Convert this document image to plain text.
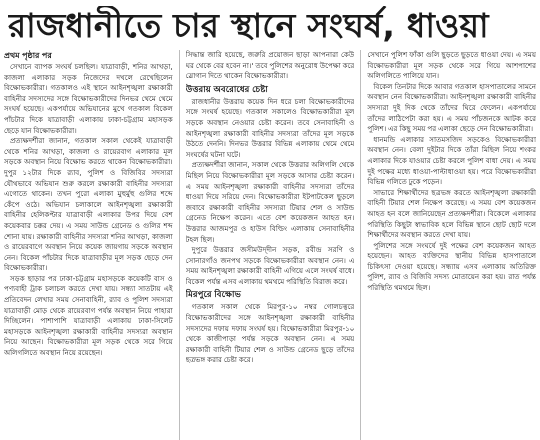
রাজধানীতে চার স্থানে সংঘর্ষ, ধাওয়া
প্রথম পৃষ্ঠার পর

সেখানে ব্যাপক সংঘর্ষ চলছিল। যাত্রাবাড়ী, শনির আখড়া, কাজলা এলাকার সড়ক নিজেদের দখলে রেখেছিলেন বিক্ষোভকারীরা। গতকালও এই স্থানে আইনশৃঙ্খলা রক্ষাকারী বাহিনীর সদস্যদের সঙ্গে বিক্ষোভকারীদের দিনভর থেমে থেমে সংঘর্ষ হয়েছে। একপর্যায়ে অভিযানের মুখে গতকাল বিকেল পাঁচটার দিকে যাত্রাবাড়ী এলাকায় ঢাকা-চট্টগ্রাম মহাসড়ক ছেড়ে যান বিক্ষোভকারীরা।

প্রত্যক্ষদর্শীরা জানান, গতকাল সকাল থেকেই যাত্রাবাড়ী থেকে শনির আখড়া, কাজলা ও রায়েরবাগ এলাকার মূল সড়কে অবস্থান নিয়ে বিক্ষোভ করতে থাকেন বিক্ষোভকারীরা। দুপুর ১২টার দিকে র‍্যাব, পুলিশ ও বিজিবির সদস্যরা যৌথভাবে অভিযান শুরু করলে রক্ষাকারী বাহিনীর সদস্যরা এগোতে থাকেন। তখন পুরো এলাকা মুহুর্মুহু গুলির শব্দে কেঁপে ওঠে। অভিযান চলাকালে আইনশৃঙ্খলা রক্ষাকারী বাহিনীর হেলিকপ্টার যাত্রাবাড়ী এলাকার উপর দিয়ে বেশ কয়েকবার চক্কর দেয়। এ সময় সাউন্ড গ্রেনেড ও গুলির শব্দ শোনা যায়। রক্ষাকারী বাহিনীর সদস্যরা শনির আখড়া, কাজলা ও রায়েরবাগে অবস্থান নিয়ে কয়েক জায়গায় সড়কে অবস্থান নেন। বিকেল পাঁচটার দিকে যাত্রাবাড়ীর মূল সড়ক ছেড়ে দেন বিক্ষোভকারীরা।

সড়ক ছাড়ার পর ঢাকা-চট্টগ্রাম মহাসড়কে কয়েকটি বাস ও পণ্যবাহী ট্রাক চলাচল করতে দেখা যায়। সন্ধ্যা সাতটায় এই প্রতিবেদন লেখার সময় সেনাবাহিনী, র‍্যাব ও পুলিশ সদস্যরা যাত্রাবাড়ী মোড় থেকে রায়েরবাগ পর্যন্ত অবস্থান নিয়ে পাহারা দিচ্ছিলেন। পাশাপাশি যাত্রাবাড়ী এলাকায় ঢাকা-সিলেট মহাসড়কে আইনশৃঙ্খলা রক্ষাকারী বাহিনীর সদস্যরা অবস্থান নিয়ে আছেন। বিক্ষোভকারীরা মূল সড়ক থেকে সরে গিয়ে অলিগলিতে অবস্থান নিয়ে রয়েছেন।

সিদ্ধান্ত জারি হয়েছে, জরুরি প্রয়োজন ছাড়া আপনারা কেউ ঘর থেকে বের হবেন না।' তবে পুলিশের অনুরোধ উপেক্ষা করে স্লোগান দিতে থাকেন বিক্ষোভকারীরা।

উত্তরায় অবরোধের চেষ্টা

রাজধানীর উত্তরায় কয়েক দিন ধরে চলা বিক্ষোভকারীদের সঙ্গে সংঘর্ষ হয়েছে। গতকাল সকালেও বিক্ষোভকারীরা মূল সড়কে অবস্থান নেওয়ার চেষ্টা করেন। তবে সেনাবাহিনী ও আইনশৃঙ্খলা রক্ষাকারী বাহিনীর সদস্যরা তাঁদের মূল সড়কে উঠতে দেননি। দিনভর উত্তরার বিভিন্ন এলাকায় থেমে থেমে সংঘর্ষের ঘটনা ঘটে।

প্রত্যক্ষদর্শীরা জানান, সকাল থেকে উত্তরার অলিগলি থেকে মিছিল নিয়ে বিক্ষোভকারীরা মূল সড়কে আসার চেষ্টা করেন। এ সময় আইনশৃঙ্খলা রক্ষাকারী বাহিনীর সদস্যরা তাঁদের ধাওয়া দিয়ে সরিয়ে দেন। বিক্ষোভকারীরা ইটপাটকেল ছুড়লে জবাবে রক্ষাকারী বাহিনীর সদস্যরা টিয়ার শেল ও সাউন্ড গ্রেনেড নিক্ষেপ করেন। এতে বেশ কয়েকজন আহত হন। উত্তরার আজমপুর ও হাউস বিল্ডিং এলাকায় সেনাবাহিনীর টহল ছিল।

দুপুরে উত্তরার জসীমউদ্‌দীন সড়ক, রবীন্দ্র সরণি ও সোনারগাঁও জনপথ সড়কে বিক্ষোভকারীরা অবস্থান নেন। এ সময় আইনশৃঙ্খলা রক্ষাকারী বাহিনী এগিয়ে এলে সংঘর্ষ বাধে। বিকেল পর্যন্ত এসব এলাকায় থমথমে পরিস্থিতি বিরাজ করে।

মিরপুরে বিক্ষোভ

গতকাল সকাল থেকে মিরপুর-১০ নম্বর গোলচত্বরে বিক্ষোভকারীদের সঙ্গে আইনশৃঙ্খলা রক্ষাকারী বাহিনীর সদস্যদের দফায় দফায় সংঘর্ষ হয়। বিক্ষোভকারীরা মিরপুর-১০ থেকে কাজীপাড়া পর্যন্ত সড়কে অবস্থান নেন। এ সময় রক্ষাকারী বাহিনী টিয়ার শেল ও সাউন্ড গ্রেনেড ছুড়ে তাঁদের ছত্রভঙ্গ করার চেষ্টা করে।

সেখানে পুলিশ ফাঁকা গুলি ছুড়তে ছুড়তে ধাওয়া দেয়। এ সময় বিক্ষোভকারীরা মূল সড়ক থেকে সরে গিয়ে আশপাশের অলিগলিতে পালিয়ে যান।

বিকেল তিনটার দিকে আবার গতকাল হাসপাতালের সামনে অবস্থান নেন বিক্ষোভকারীরা। আইনশৃঙ্খলা রক্ষাকারী বাহিনীর সদস্যরা দুই দিক থেকে তাঁদের ঘিরে ফেলেন। একপর্যায়ে তাঁদের লাঠিপেটা করা হয়। এ সময় পাঁচজনকে আটক করে পুলিশ। এর কিছু সময় পর এলাকা ছেড়ে দেন বিক্ষোভকারীরা।

ধানমন্ডি এলাকার সাতমসজিদ সড়কেও বিক্ষোভকারীরা অবস্থান নেন। বেলা দুইটার দিকে তাঁরা মিছিল নিয়ে শংকর এলাকার দিকে যাওয়ার চেষ্টা করলে পুলিশ বাধা দেয়। এ সময় দুই পক্ষের মধ্যে ধাওয়া-পাল্টাধাওয়া হয়। পরে বিক্ষোভকারীরা বিভিন্ন গলিতে ঢুকে পড়েন।

সাভারে শিক্ষার্থীদের ছত্রভঙ্গ করতে আইনশৃঙ্খলা রক্ষাকারী বাহিনী টিয়ার শেল নিক্ষেপ করেছে। এ সময় বেশ কয়েকজন আহত হন বলে জানিয়েছেন প্রত্যক্ষদর্শীরা। বিকেলে এলাকার পরিস্থিতি কিছুটা স্বাভাবিক হলে বিভিন্ন স্থানে ছোট ছোট দলে শিক্ষার্থীদের অবস্থান করতে দেখা যায়।

পুলিশের সঙ্গে সংঘর্ষে দুই পক্ষের বেশ কয়েকজন আহত হয়েছেন। আহত ব্যক্তিদের স্থানীয় বিভিন্ন হাসপাতালে চিকিৎসা দেওয়া হয়েছে। সন্ধ্যায় এসব এলাকায় অতিরিক্ত পুলিশ, র‍্যাব ও বিজিবি সদস্য মোতায়েন করা হয়। রাত পর্যন্ত পরিস্থিতি থমথমে ছিল।
